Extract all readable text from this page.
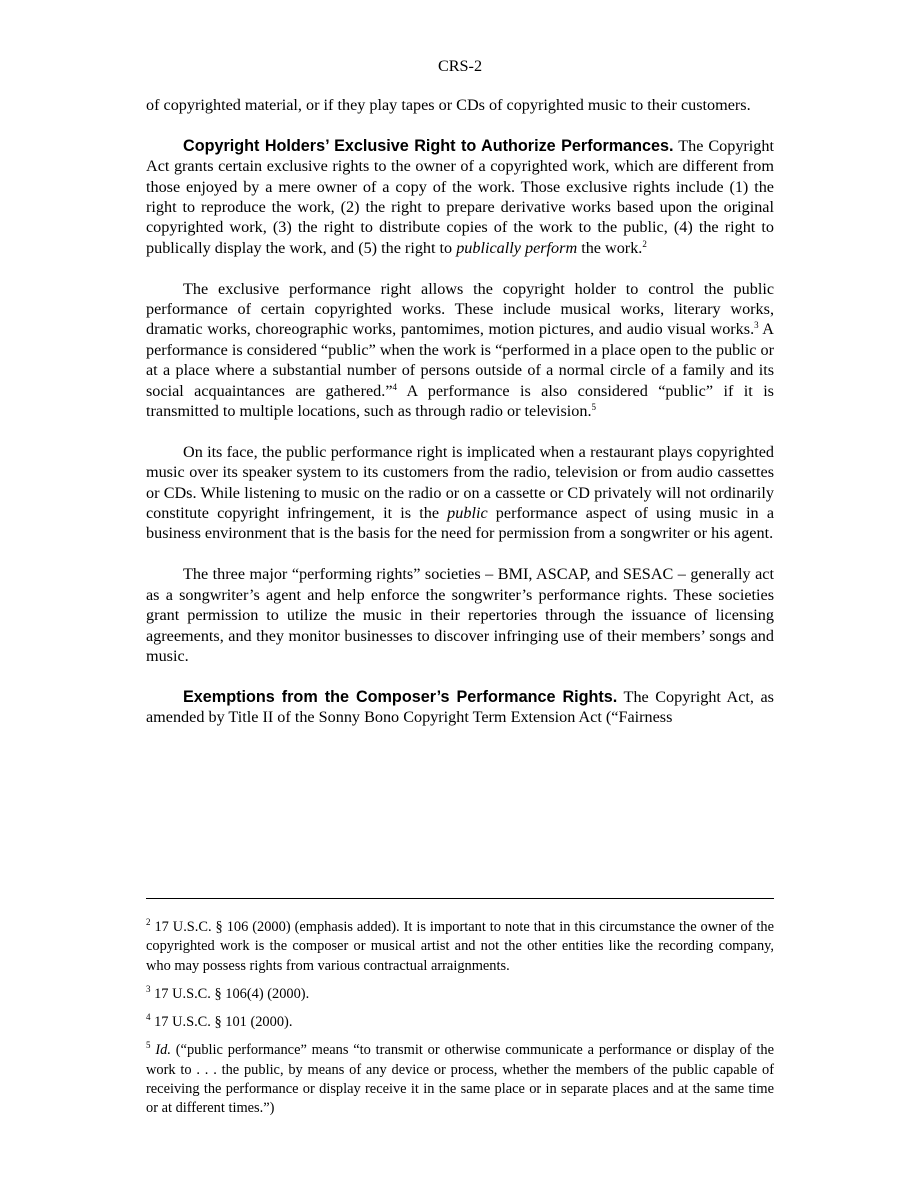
CRS-2

of copyrighted material, or if they play tapes or CDs of copyrighted music to their customers.

Copyright Holders’ Exclusive Right to Authorize Performances. The Copyright Act grants certain exclusive rights to the owner of a copyrighted work, which are different from those enjoyed by a mere owner of a copy of the work. Those exclusive rights include (1) the right to reproduce the work, (2) the right to prepare derivative works based upon the original copyrighted work, (3) the right to distribute copies of the work to the public, (4) the right to publically display the work, and (5) the right to publically perform the work.$^2$

The exclusive performance right allows the copyright holder to control the public performance of certain copyrighted works. These include musical works, literary works, dramatic works, choreographic works, pantomimes, motion pictures, and audio visual works.$^3$ A performance is considered “public” when the work is “performed in a place open to the public or at a place where a substantial number of persons outside of a normal circle of a family and its social acquaintances are gathered.”$^4$ A performance is also considered “public” if it is transmitted to multiple locations, such as through radio or television.$^5$

On its face, the public performance right is implicated when a restaurant plays copyrighted music over its speaker system to its customers from the radio, television or from audio cassettes or CDs. While listening to music on the radio or on a cassette or CD privately will not ordinarily constitute copyright infringement, it is the public performance aspect of using music in a business environment that is the basis for the need for permission from a songwriter or his agent.

The three major “performing rights” societies – BMI, ASCAP, and SESAC – generally act as a songwriter’s agent and help enforce the songwriter’s performance rights. These societies grant permission to utilize the music in their repertories through the issuance of licensing agreements, and they monitor businesses to discover infringing use of their members’ songs and music.

Exemptions from the Composer’s Performance Rights. The Copyright Act, as amended by Title II of the Sonny Bono Copyright Term Extension Act (“Fairness

$^2$ 17 U.S.C. § 106 (2000) (emphasis added). It is important to note that in this circumstance the owner of the copyrighted work is the composer or musical artist and not the other entities like the recording company, who may possess rights from various contractual arraignments.

$^3$ 17 U.S.C. § 106(4) (2000).

$^4$ 17 U.S.C. § 101 (2000).

$^5$ Id. (“public performance” means “to transmit or otherwise communicate a performance or display of the work to . . . the public, by means of any device or process, whether the members of the public capable of receiving the performance or display receive it in the same place or in separate places and at the same time or at different times.”)
